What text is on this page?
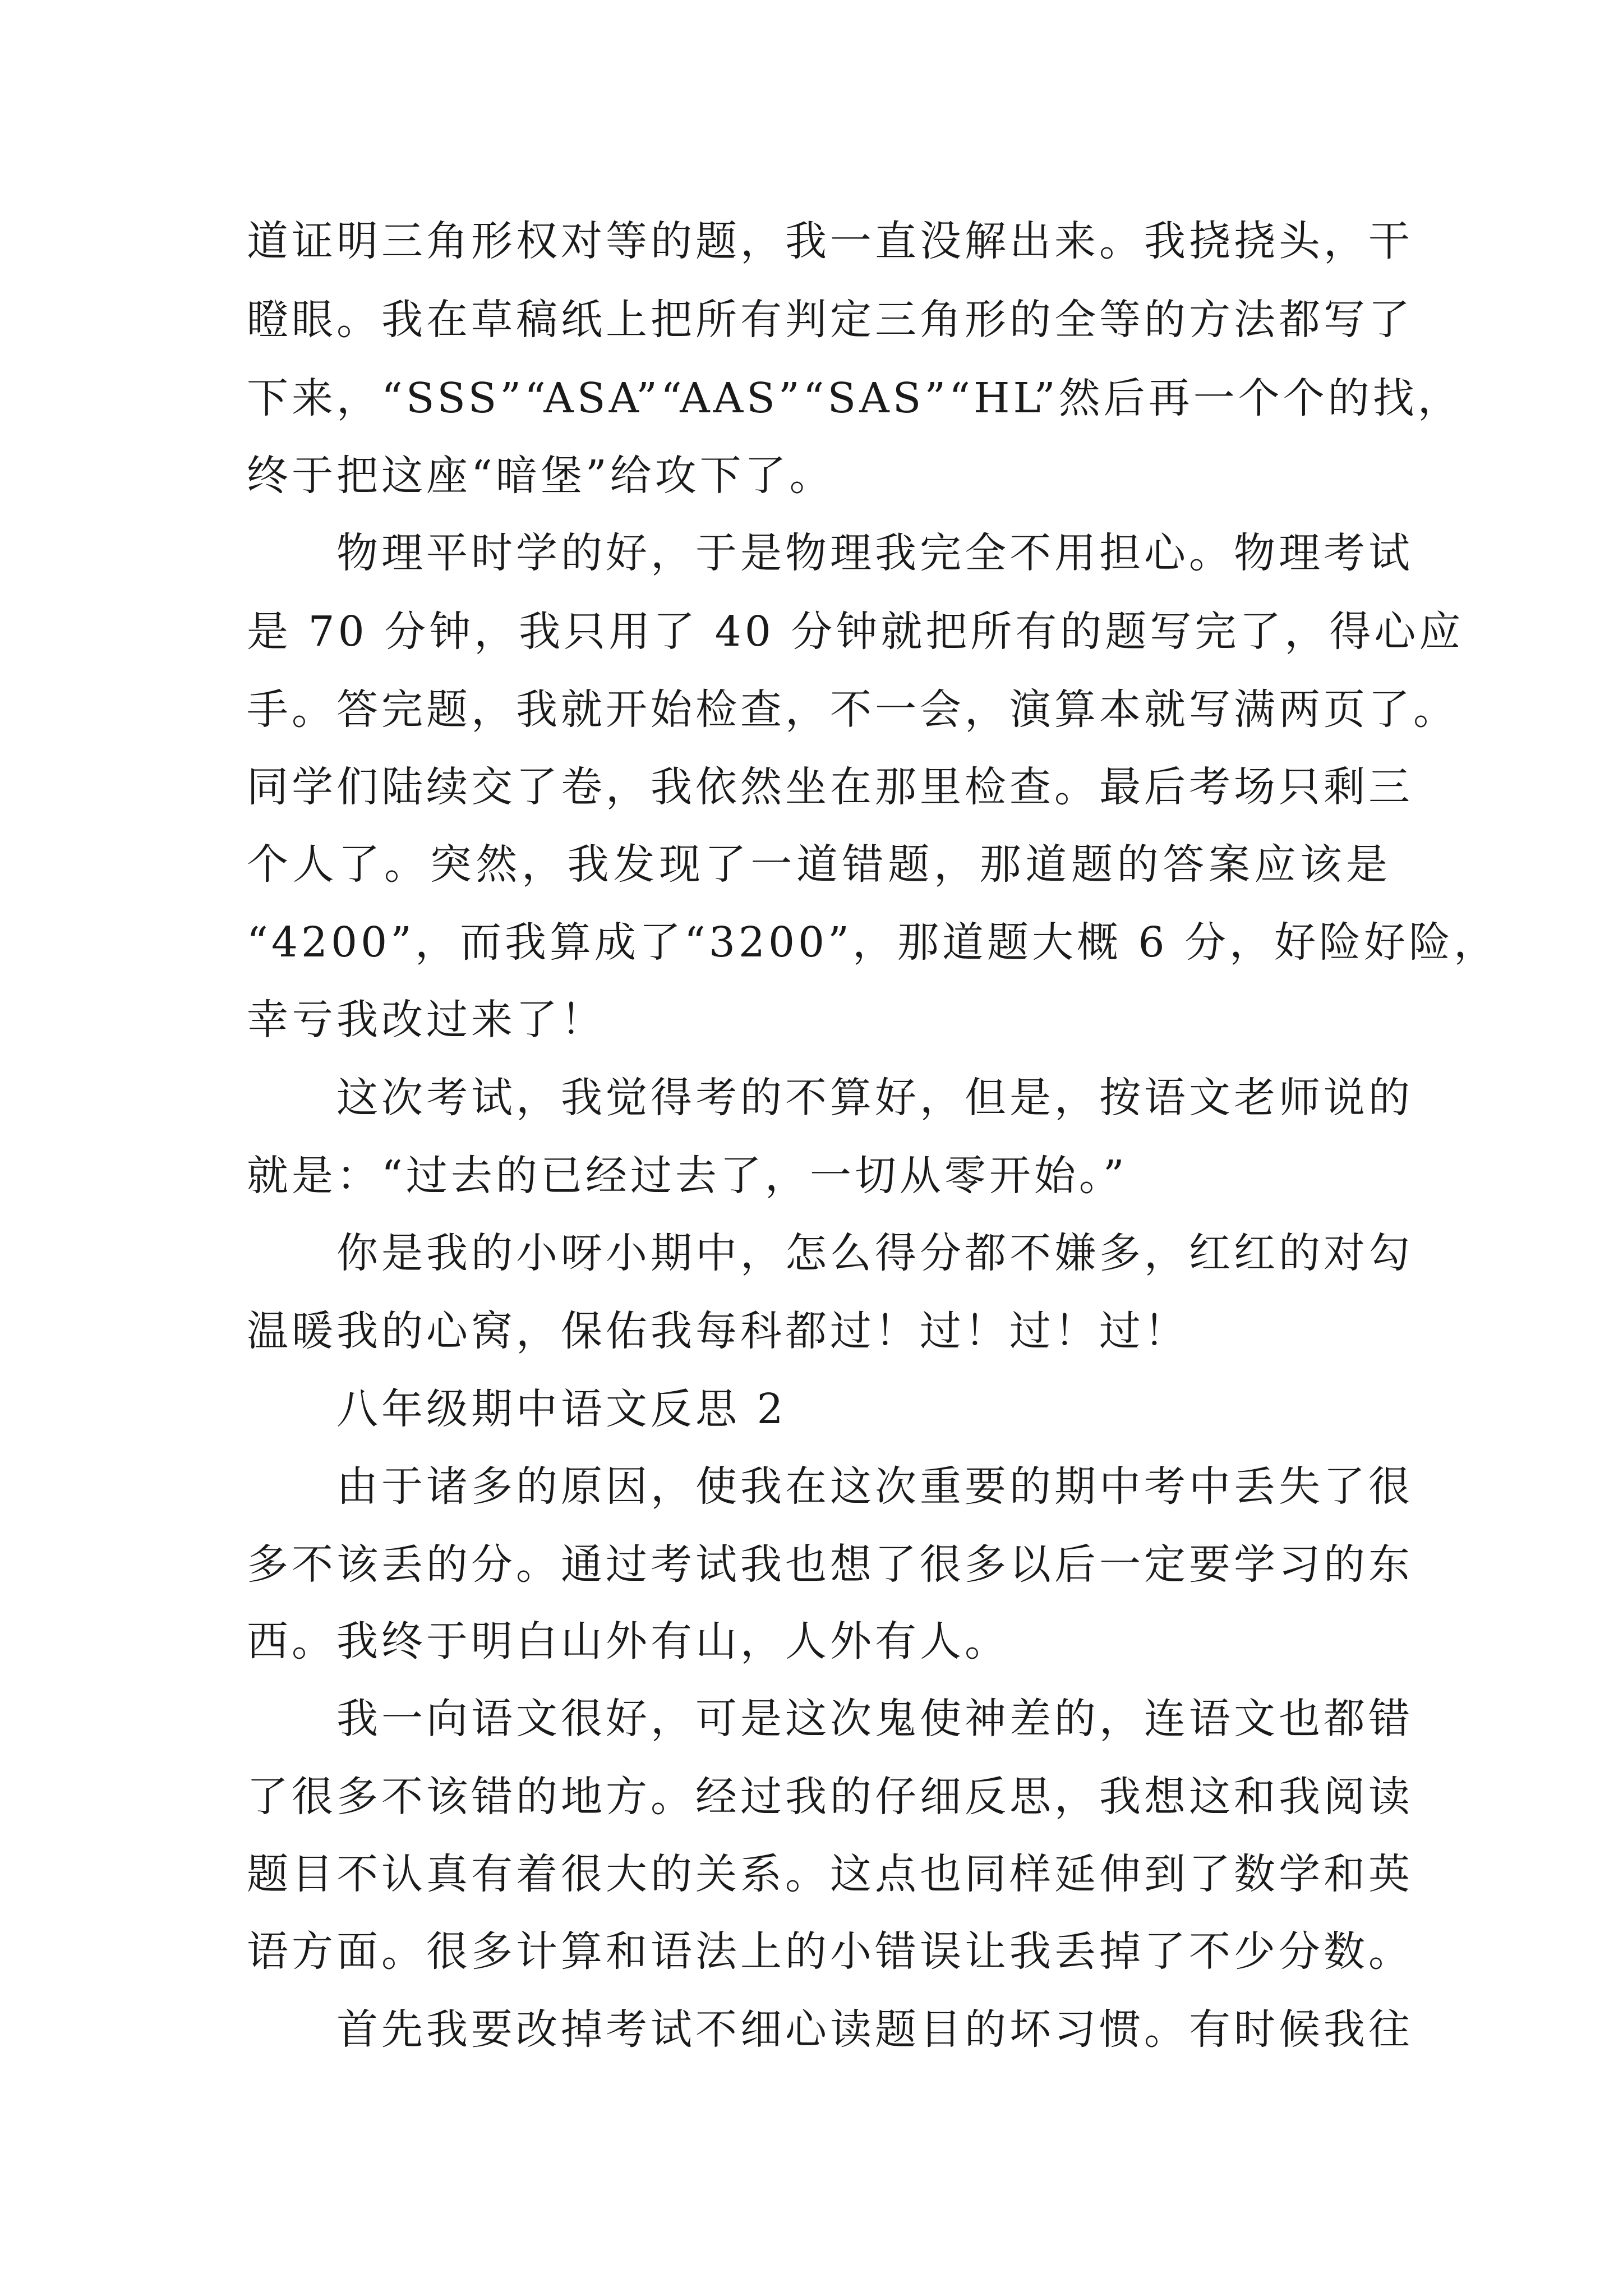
道证明三角形权对等的题，我一直没解出来。我挠挠头，干
瞪眼。我在草稿纸上把所有判定三角形的全等的方法都写了
下来，“SSS”“ASA”“AAS”“SAS”“HL”然后再一个个的找，
终于把这座“暗堡”给攻下了。
物理平时学的好，于是物理我完全不用担心。物理考试
是 70 分钟，我只用了 40 分钟就把所有的题写完了，得心应
手。答完题，我就开始检查，不一会，演算本就写满两页了。
同学们陆续交了卷，我依然坐在那里检查。最后考场只剩三
个人了。突然，我发现了一道错题，那道题的答案应该是
“4200”，而我算成了“3200”，那道题大概 6 分，好险好险，
幸亏我改过来了！
这次考试，我觉得考的不算好，但是，按语文老师说的
就是：“过去的已经过去了，一切从零开始。”
你是我的小呀小期中，怎么得分都不嫌多，红红的对勾
温暖我的心窝，保佑我每科都过！过！过！过！
八年级期中语文反思 2
由于诸多的原因，使我在这次重要的期中考中丢失了很
多不该丢的分。通过考试我也想了很多以后一定要学习的东
西。我终于明白山外有山，人外有人。
我一向语文很好，可是这次鬼使神差的，连语文也都错
了很多不该错的地方。经过我的仔细反思，我想这和我阅读
题目不认真有着很大的关系。这点也同样延伸到了数学和英
语方面。很多计算和语法上的小错误让我丢掉了不少分数。
首先我要改掉考试不细心读题目的坏习惯。有时候我往
